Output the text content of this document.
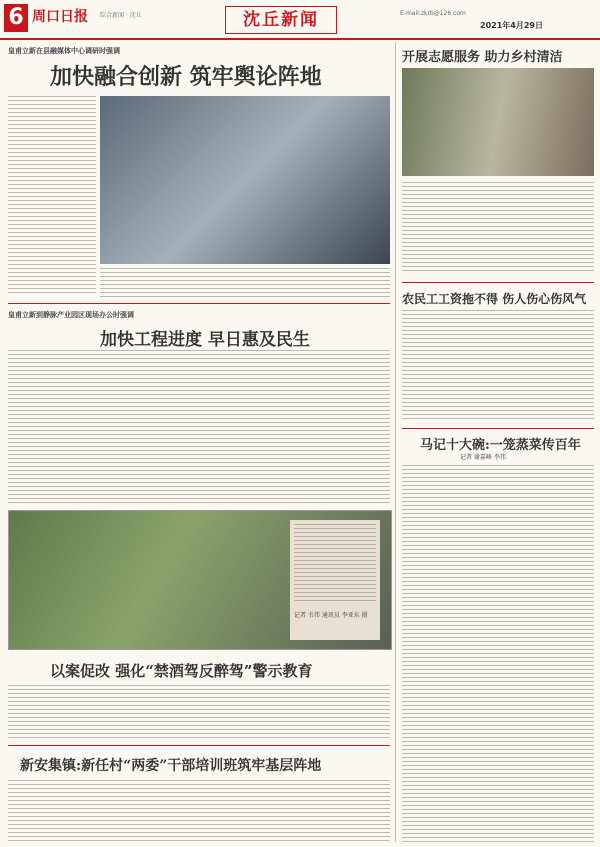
6 周口日报 综合新闻 · 沈丘	沈丘新闻	E-mail:zkrb@126.com
2021年4月29日
皇甫立新在县融媒体中心调研时强调
加快融合创新 筑牢舆论阵地
皇甫立新到静脉产业园区现场办公时强调
加快工程进度 早日惠及民生
记者 韦伟 通讯员 李亚东 摄
以案促改 强化“禁酒驾反醉驾”警示教育
新安集镇:新任村“两委”干部培训班筑牢基层阵地
开展志愿服务 助力乡村清洁
农民工工资拖不得 伤人伤心伤风气
马记十大碗:一笼蒸菜传百年
记者 谢嘉峰 李伟
